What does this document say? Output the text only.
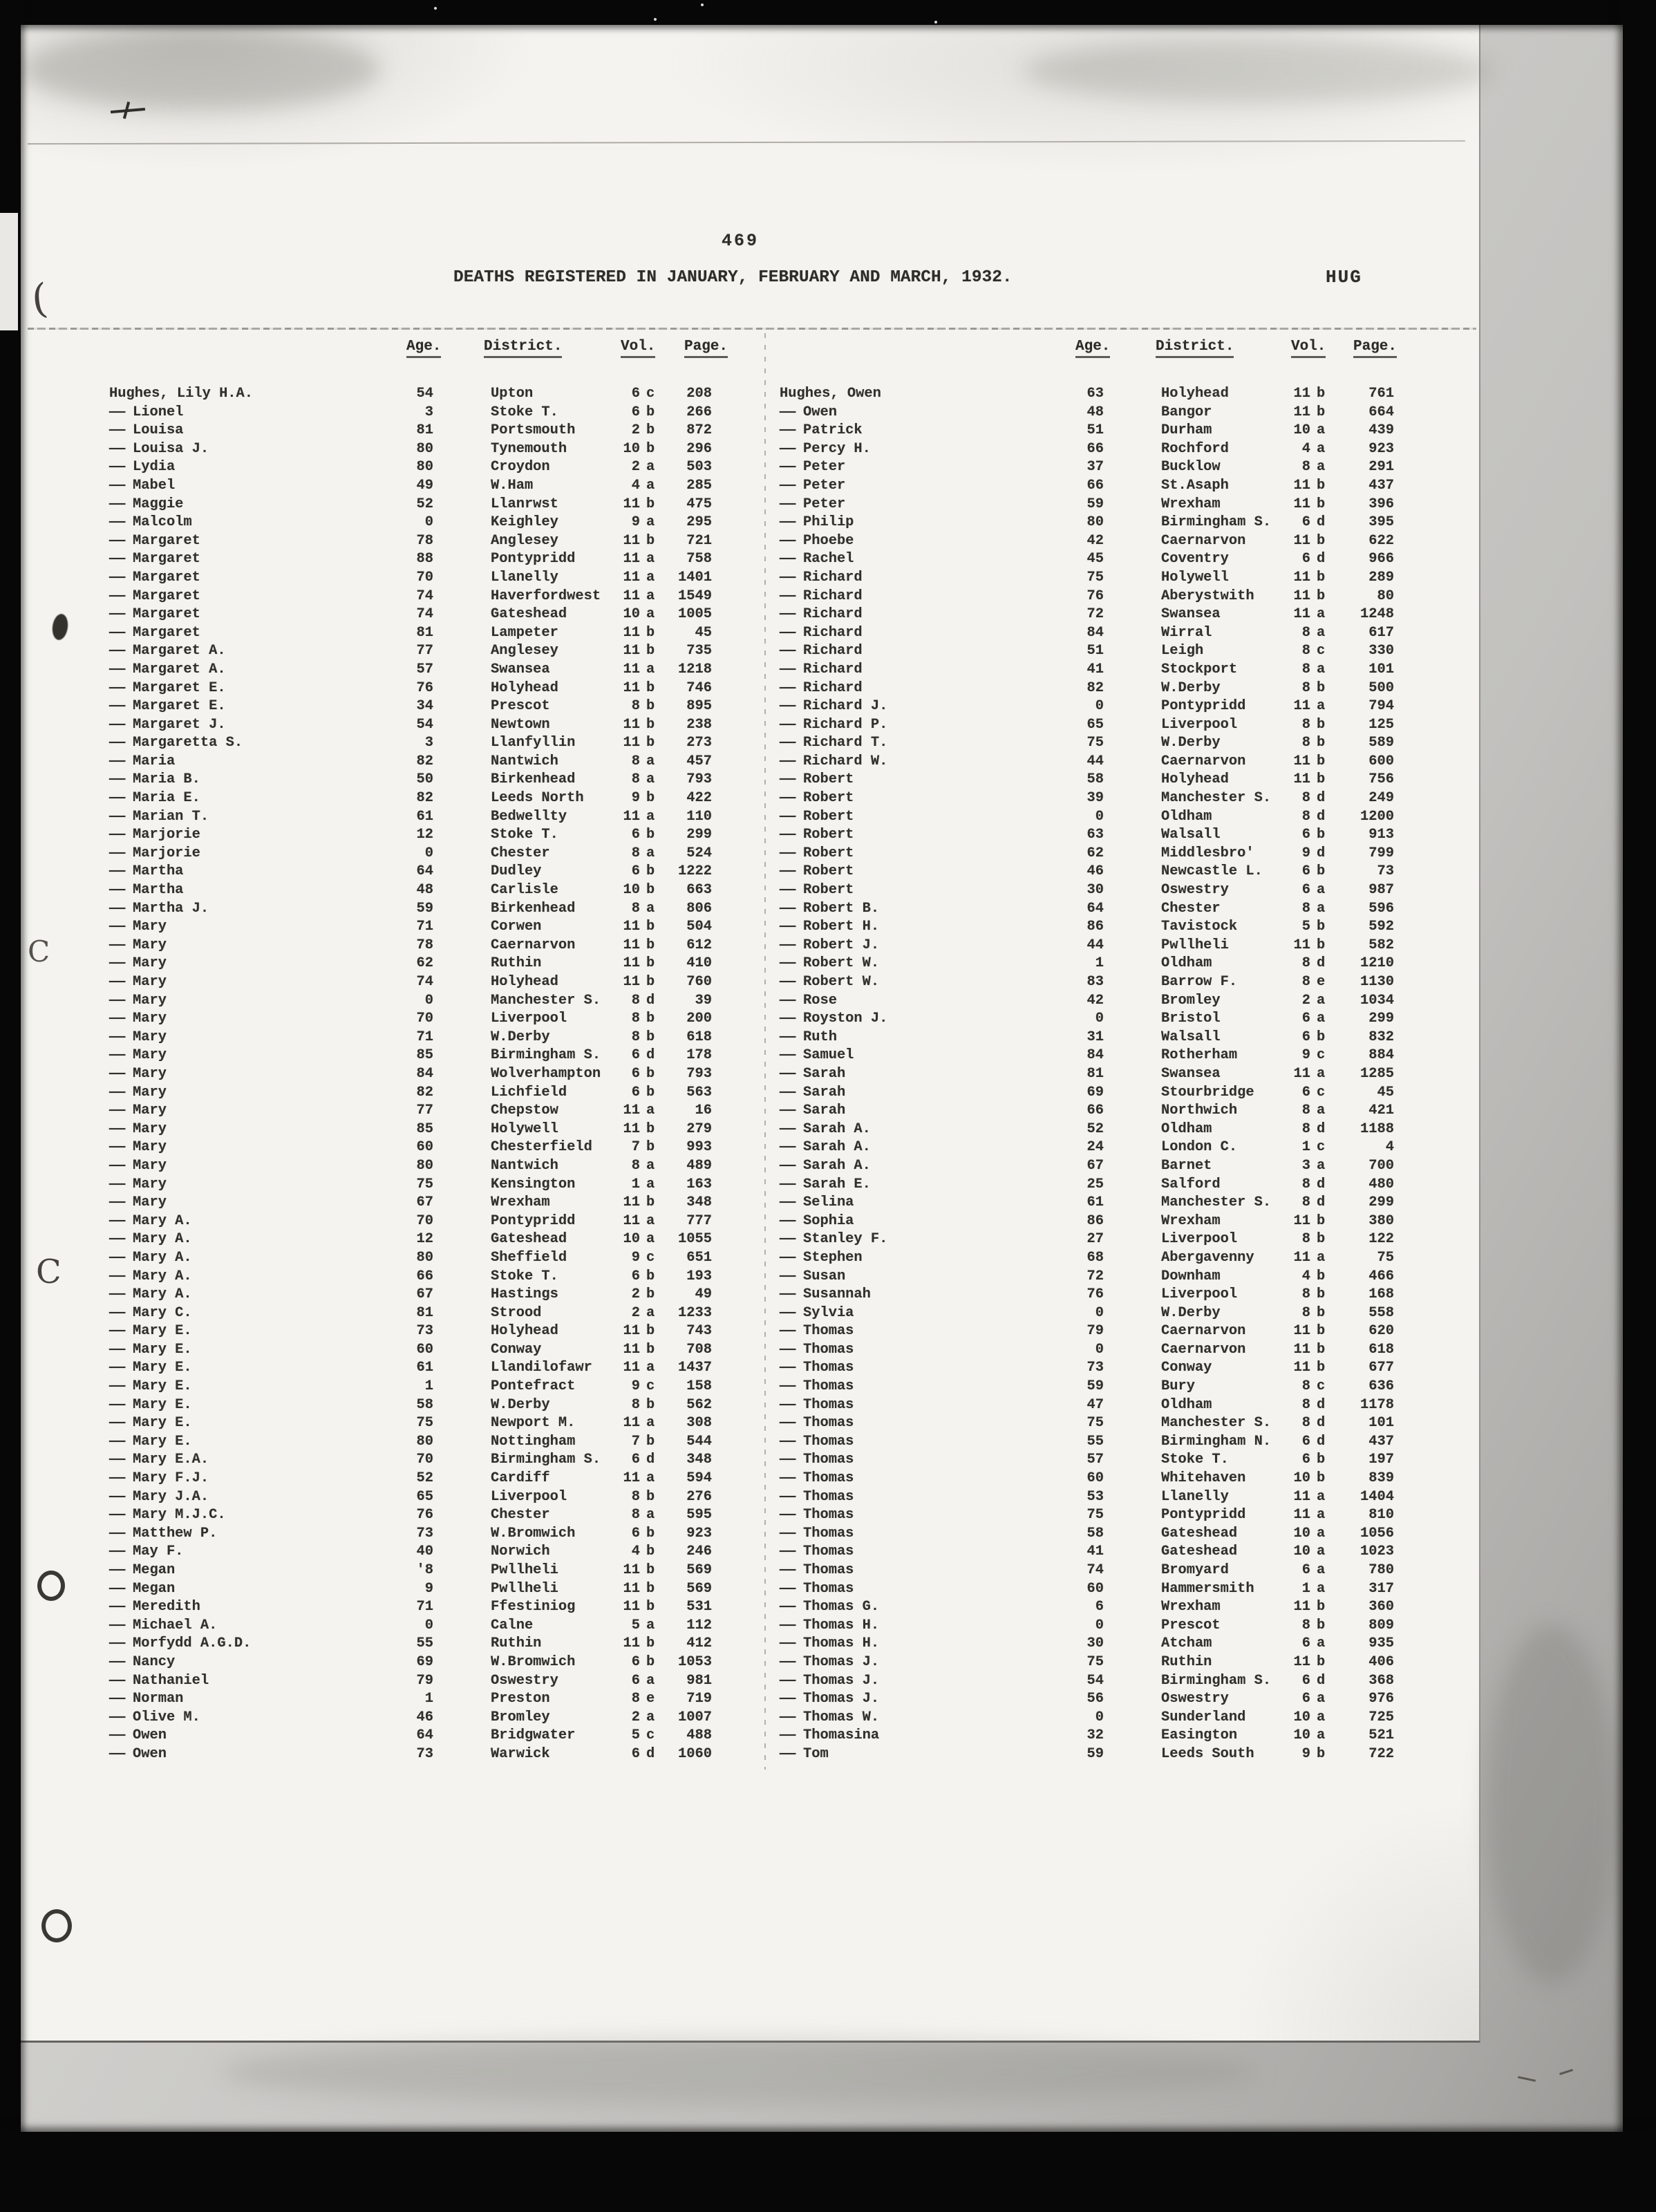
469
DEATHS REGISTERED IN JANUARY, FEBRUARY AND MARCH, 1932.	HUG
Age.	District.	Vol. Page.	Age.	District.	Vol. Page.
Hughes, Lily H.A.	54	Upton	6 c	208
— Lionel	3	Stoke T.	6 b	266
— Louisa	81	Portsmouth	2 b	872
— Louisa J.	80	Tynemouth	10 b	296
— Lydia	80	Croydon	2 a	503
— Mabel	49	W.Ham	4 a	285
— Maggie	52	Llanrwst	11 b	475
— Malcolm	0	Keighley	9 a	295
— Margaret	78	Anglesey	11 b	721
— Margaret	88	Pontypridd	11 a	758
— Margaret	70	Llanelly	11 a	1401
— Margaret	74	Haverfordwest	11 a	1549
— Margaret	74	Gateshead	10 a	1005
— Margaret	81	Lampeter	11 b	45
— Margaret A.	77	Anglesey	11 b	735
— Margaret A.	57	Swansea	11 a	1218
— Margaret E.	76	Holyhead	11 b	746
— Margaret E.	34	Prescot	8 b	895
— Margaret J.	54	Newtown	11 b	238
— Margaretta S.	3	Llanfyllin	11 b	273
— Maria	82	Nantwich	8 a	457
— Maria B.	50	Birkenhead	8 a	793
— Maria E.	82	Leeds North	9 b	422
— Marian T.	61	Bedwellty	11 a	110
— Marjorie	12	Stoke T.	6 b	299
— Marjorie	0	Chester	8 a	524
— Martha	64	Dudley	6 b	1222
— Martha	48	Carlisle	10 b	663
— Martha J.	59	Birkenhead	8 a	806
— Mary	71	Corwen	11 b	504
— Mary	78	Caernarvon	11 b	612
— Mary	62	Ruthin	11 b	410
— Mary	74	Holyhead	11 b	760
— Mary	0	Manchester S.	8 d	39
— Mary	70	Liverpool	8 b	200
— Mary	71	W.Derby	8 b	618
— Mary	85	Birmingham S.	6 d	178
— Mary	84	Wolverhampton	6 b	793
— Mary	82	Lichfield	6 b	563
— Mary	77	Chepstow	11 a	16
— Mary	85	Holywell	11 b	279
— Mary	60	Chesterfield	7 b	993
— Mary	80	Nantwich	8 a	489
— Mary	75	Kensington	1 a	163
— Mary	67	Wrexham	11 b	348
— Mary A.	70	Pontypridd	11 a	777
— Mary A.	12	Gateshead	10 a	1055
— Mary A.	80	Sheffield	9 c	651
— Mary A.	66	Stoke T.	6 b	193
— Mary A.	67	Hastings	2 b	49
— Mary C.	81	Strood	2 a	1233
— Mary E.	73	Holyhead	11 b	743
— Mary E.	60	Conway	11 b	708
— Mary E.	61	Llandilofawr	11 a	1437
— Mary E.	1	Pontefract	9 c	158
— Mary E.	58	W.Derby	8 b	562
— Mary E.	75	Newport M.	11 a	308
— Mary E.	80	Nottingham	7 b	544
— Mary E.A.	70	Birmingham S.	6 d	348
— Mary F.J.	52	Cardiff	11 a	594
— Mary J.A.	65	Liverpool	8 b	276
— Mary M.J.C.	76	Chester	8 a	595
— Matthew P.	73	W.Bromwich	6 b	923
— May F.	40	Norwich	4 b	246
— Megan	'8	Pwllheli	11 b	569
— Megan	9	Pwllheli	11 b	569
— Meredith	71	Ffestiniog	11 b	531
— Michael A.	0	Calne	5 a	112
— Morfydd A.G.D.	55	Ruthin	11 b	412
— Nancy	69	W.Bromwich	6 b	1053
— Nathaniel	79	Oswestry	6 a	981
— Norman	1	Preston	8 e	719
— Olive M.	46	Bromley	2 a	1007
— Owen	64	Bridgwater	5 c	488
— Owen	73	Warwick	6 d	1060
Hughes, Owen	63	Holyhead	11 b	761
— Owen	48	Bangor	11 b	664
— Patrick	51	Durham	10 a	439
— Percy H.	66	Rochford	4 a	923
— Peter	37	Bucklow	8 a	291
— Peter	66	St.Asaph	11 b	437
— Peter	59	Wrexham	11 b	396
— Philip	80	Birmingham S.	6 d	395
— Phoebe	42	Caernarvon	11 b	622
— Rachel	45	Coventry	6 d	966
— Richard	75	Holywell	11 b	289
— Richard	76	Aberystwith	11 b	80
— Richard	72	Swansea	11 a	1248
— Richard	84	Wirral	8 a	617
— Richard	51	Leigh	8 c	330
— Richard	41	Stockport	8 a	101
— Richard	82	W.Derby	8 b	500
— Richard J.	0	Pontypridd	11 a	794
— Richard P.	65	Liverpool	8 b	125
— Richard T.	75	W.Derby	8 b	589
— Richard W.	44	Caernarvon	11 b	600
— Robert	58	Holyhead	11 b	756
— Robert	39	Manchester S.	8 d	249
— Robert	0	Oldham	8 d	1200
— Robert	63	Walsall	6 b	913
— Robert	62	Middlesbro'	9 d	799
— Robert	46	Newcastle L.	6 b	73
— Robert	30	Oswestry	6 a	987
— Robert B.	64	Chester	8 a	596
— Robert H.	86	Tavistock	5 b	592
— Robert J.	44	Pwllheli	11 b	582
— Robert W.	1	Oldham	8 d	1210
— Robert W.	83	Barrow F.	8 e	1130
— Rose	42	Bromley	2 a	1034
— Royston J.	0	Bristol	6 a	299
— Ruth	31	Walsall	6 b	832
— Samuel	84	Rotherham	9 c	884
— Sarah	81	Swansea	11 a	1285
— Sarah	69	Stourbridge	6 c	45
— Sarah	66	Northwich	8 a	421
— Sarah A.	52	Oldham	8 d	1188
— Sarah A.	24	London C.	1 c	4
— Sarah A.	67	Barnet	3 a	700
— Sarah E.	25	Salford	8 d	480
— Selina	61	Manchester S.	8 d	299
— Sophia	86	Wrexham	11 b	380
— Stanley F.	27	Liverpool	8 b	122
— Stephen	68	Abergavenny	11 a	75
— Susan	72	Downham	4 b	466
— Susannah	76	Liverpool	8 b	168
— Sylvia	0	W.Derby	8 b	558
— Thomas	79	Caernarvon	11 b	620
— Thomas	0	Caernarvon	11 b	618
— Thomas	73	Conway	11 b	677
— Thomas	59	Bury	8 c	636
— Thomas	47	Oldham	8 d	1178
— Thomas	75	Manchester S.	8 d	101
— Thomas	55	Birmingham N.	6 d	437
— Thomas	57	Stoke T.	6 b	197
— Thomas	60	Whitehaven	10 b	839
— Thomas	53	Llanelly	11 a	1404
— Thomas	75	Pontypridd	11 a	810
— Thomas	58	Gateshead	10 a	1056
— Thomas	41	Gateshead	10 a	1023
— Thomas	74	Bromyard	6 a	780
— Thomas	60	Hammersmith	1 a	317
— Thomas G.	6	Wrexham	11 b	360
— Thomas H.	0	Prescot	8 b	809
— Thomas H.	30	Atcham	6 a	935
— Thomas J.	75	Ruthin	11 b	406
— Thomas J.	54	Birmingham S.	6 d	368
— Thomas J.	56	Oswestry	6 a	976
— Thomas W.	0	Sunderland	10 a	725
— Thomasina	32	Easington	10 a	521
— Tom	59	Leeds South	9 b	722
(
C
C
